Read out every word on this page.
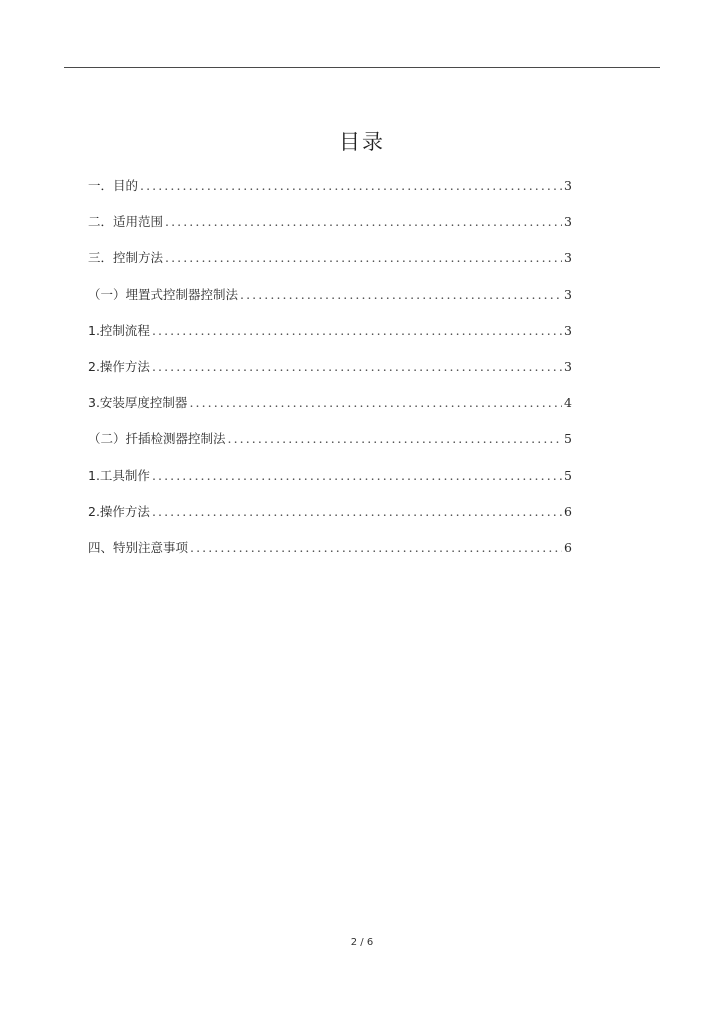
目录
一．目的 .....	3
二．适用范围 .....	3
三．控制方法 .....	3
（一）埋置式控制器控制法 .....	3
1.控制流程 .....	3
2.操作方法 .....	3
3.安装厚度控制器 .....	4
（二）扦插检测器控制法 .....	5
1.工具制作 .....	5
2.操作方法 .....	6
四、特别注意事项 .....	6
2 / 6
